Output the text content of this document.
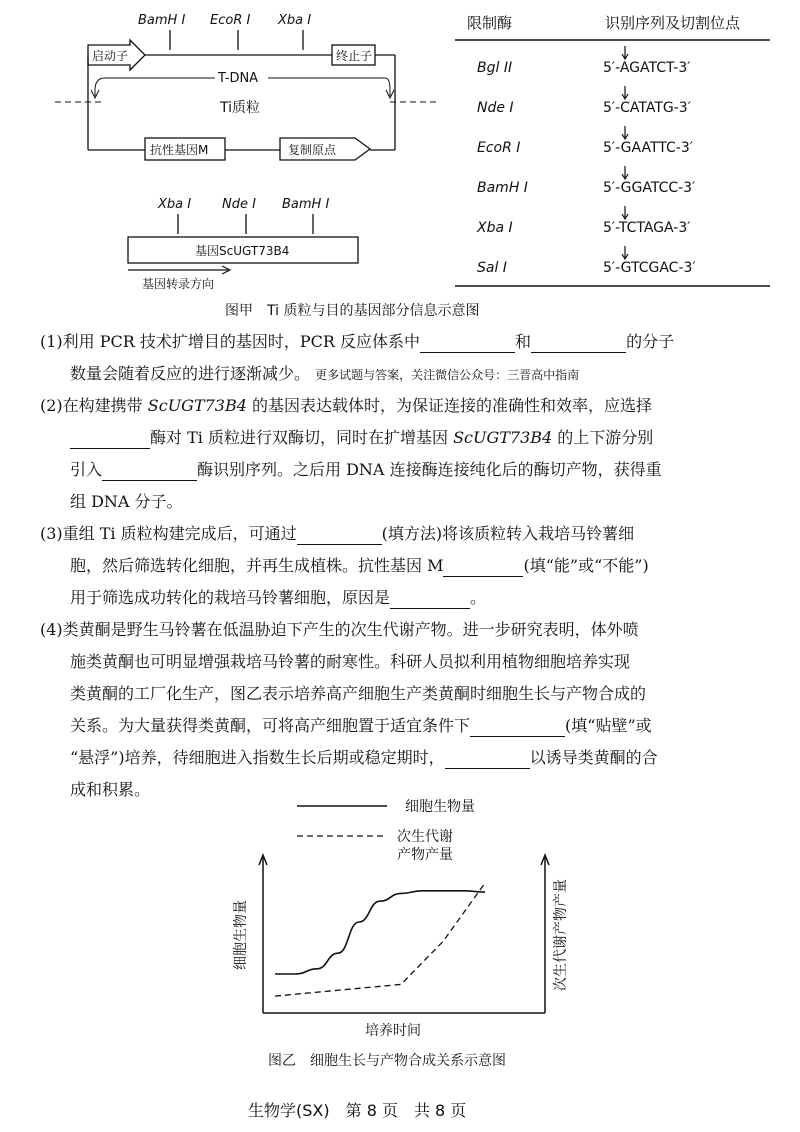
BamH I EcoR I Xba I
启动子	终止子
T-DNA
Ti质粒
抗性基因M	复制原点
Xba I Nde I BamH I
基因ScUGT73B4
基因转录方向
限制酶	识别序列及切割位点
Bgl II	5′-AGATCT-3′
Nde I	5′-CATATG-3′
EcoR I	5′-GAATTC-3′
BamH I	5′-GGATCC-3′
Xba I	5′-TCTAGA-3′
Sal I	5′-GTCGAC-3′
图甲　Ti 质粒与目的基因部分信息示意图

(1)利用 PCR 技术扩增目的基因时，PCR 反应体系中	和	的分子

数量会随着反应的进行逐渐减少。 更多试题与答案，关注微信公众号：三晋高中指南

(2)在构建携带 ScUGT73B4 的基因表达载体时，为保证连接的准确性和效率，应选择

酶对 Ti 质粒进行双酶切，同时在扩增基因 ScUGT73B4 的上下游分别

引入	酶识别序列。之后用 DNA 连接酶连接纯化后的酶切产物，获得重

组 DNA 分子。

(3)重组 Ti 质粒构建完成后，可通过	(填方法)将该质粒转入栽培马铃薯细

胞，然后筛选转化细胞，并再生成植株。抗性基因 M	(填“能”或“不能”)

用于筛选成功转化的栽培马铃薯细胞，原因是	。

(4)类黄酮是野生马铃薯在低温胁迫下产生的次生代谢产物。进一步研究表明，体外喷

施类黄酮也可明显增强栽培马铃薯的耐寒性。科研人员拟利用植物细胞培养实现

类黄酮的工厂化生产，图乙表示培养高产细胞生产类黄酮时细胞生长与产物合成的

关系。为大量获得类黄酮，可将高产细胞置于适宜条件下	(填“贴壁”或

“悬浮”)培养，待细胞进入指数生长后期或稳定期时，	以诱导类黄酮的合

成和积累。

细胞生物量
次生代谢产物产量
细胞生物量	次生代谢产物产量
培养时间
图乙　细胞生长与产物合成关系示意图
生物学(SX)　第 8 页　共 8 页
